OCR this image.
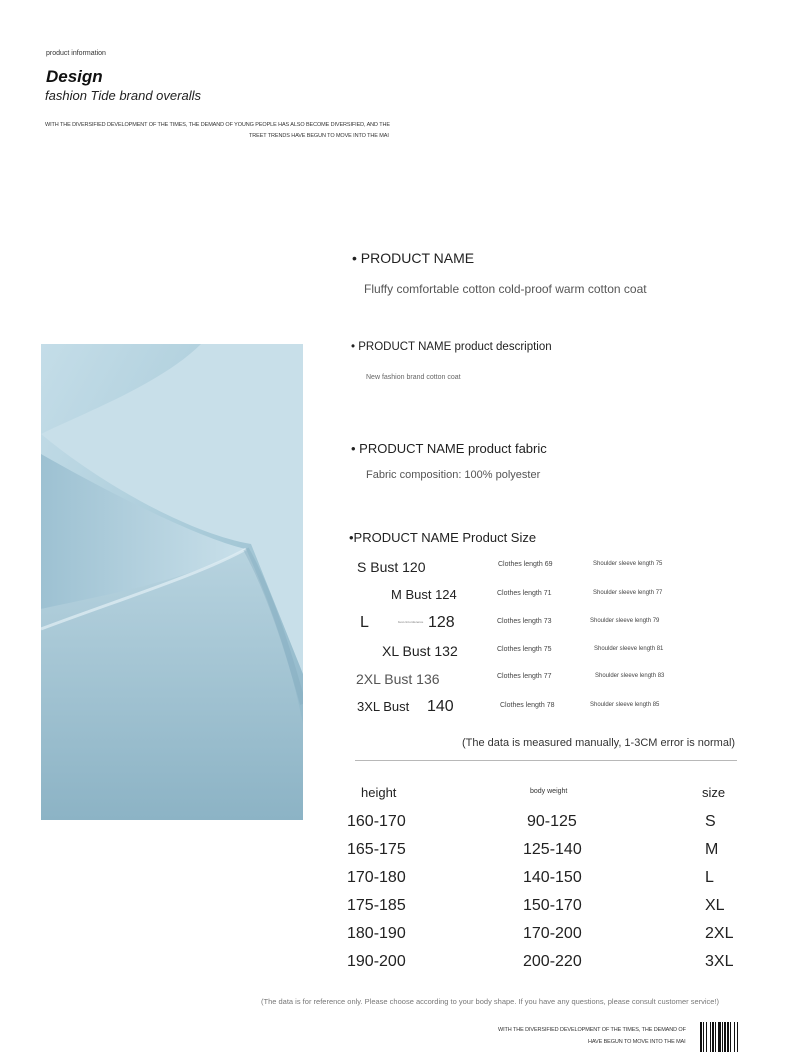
product information
Design
fashion Tide brand overalls
WITH THE DIVERSIFIED DEVELOPMENT OF THE TIMES, THE DEMAND OF YOUNG PEOPLE HAS ALSO BECOME DIVERSIFIED, AND THE
TREET TRENDS HAVE BEGUN TO MOVE INTO THE MAI
• PRODUCT NAME
Fluffy comfortable cotton cold-proof warm cotton coat
• PRODUCT NAME product description
New fashion brand cotton coat
• PRODUCT NAME product fabric
Fabric composition: 100% polyester
•PRODUCT NAME Product Size
S Bust 120	Clothes length 69	Shoulder sleeve length 75
M Bust 124	Clothes length 71	Shoulder sleeve length 77
L	bust circumference 128	Clothes length 73	Shoulder sleeve length 79
XL Bust 132	Clothes length 75	Shoulder sleeve length 81
2XL Bust 136	Clothes length 77	Shoulder sleeve length 83
3XL Bust 140	Clothes length 78	Shoulder sleeve length 85
(The data is measured manually, 1-3CM error is normal)
height	body weight	size
160-170	90-125	S
165-175	125-140	M
170-180	140-150	L
175-185	150-170	XL
180-190	170-200	2XL
190-200	200-220	3XL
(The data is for reference only. Please choose according to your body shape. If you have any questions, please consult customer service!)
WITH THE DIVERSIFIED DEVELOPMENT OF THE TIMES, THE DEMAND OF
HAVE BEGUN TO MOVE INTO THE MAI
